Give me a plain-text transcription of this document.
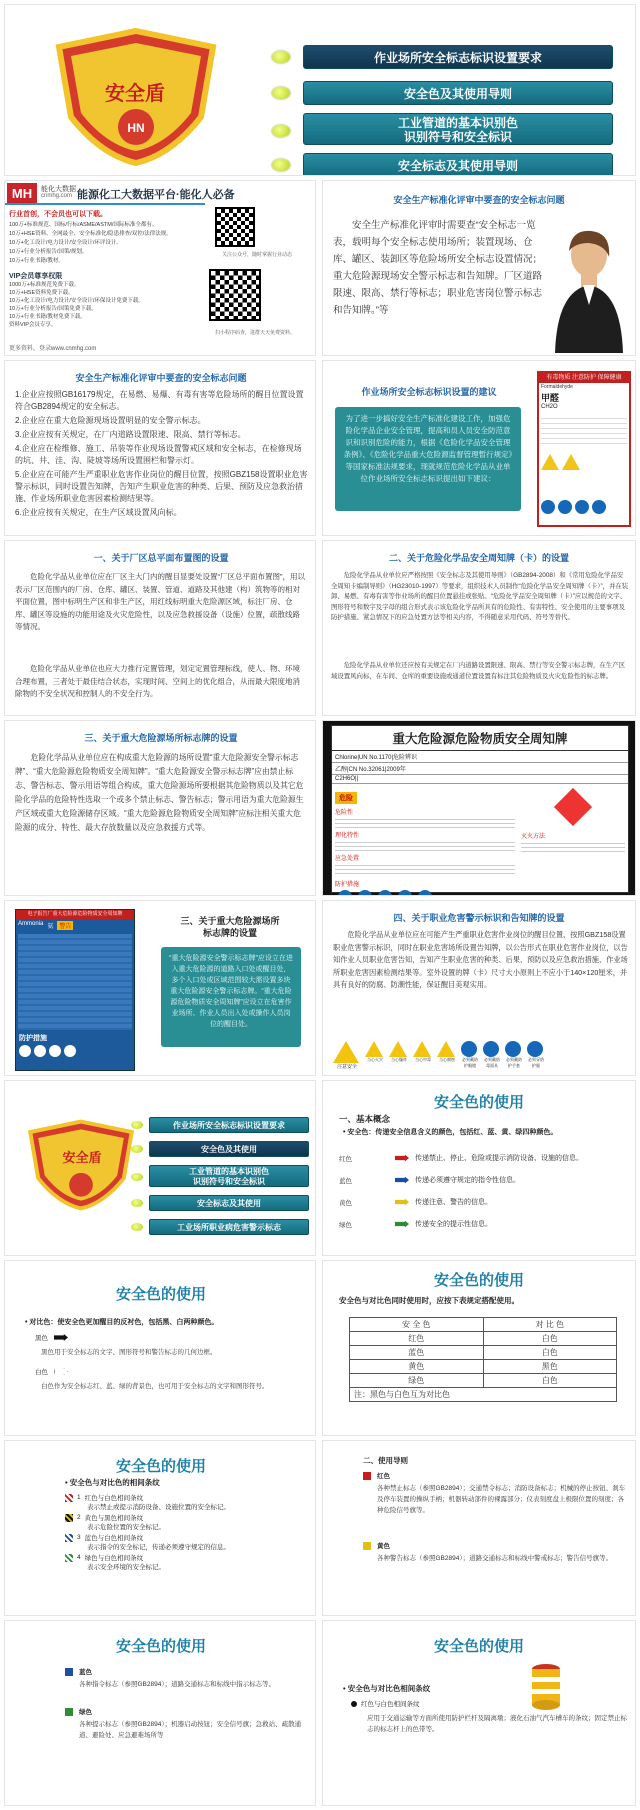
HN
安全盾
作业场所安全标志标识设置要求
安全色及其使用导则
工业管道的基本识别色
识别符号和安全标识
安全标志及其使用导则
MH	能化大数据
cnmhg.com 能源化工大数据平台·能化人必备
行业首创，不会员也可以下载。
100万+标准规范、国标/行标/ASME/ASTM/国际标准全都有。
10万+HSE资料、全网最全、安全标准化/隐患排查/双控/法律法规。
10万+化工设计/电力设计/安全设计/环评设计。
10万+行业分析报告/国策/规划。
10万+行业书籍/教材。
VIP会员尊享权限
1000万+标准规范免费下载。
10万+HSE资料免费下载。
10万+化工设计/电力设计/安全设计/环保设计免费下载。
10万+行业分析报告/国策免费下载。
10万+行业书籍/教材免费下载。
资料VIP会员专享。
更多资料，登录www.cnmhg.com
关注公众号，随时掌握行业动态
扫小程序码查，进群天天免费资料。
安全生产标准化评审中要查的安全标志问题
安全生产标准化评审时需要查“安全标志一览表，载明每个安全标志使用场所；装置现场、仓库、罐区、装卸区等危险场所安全标志设置情况；重大危险源现场安全警示标志和告知牌。厂区道路限速、限高、禁行等标志；职业危害岗位警示标志和告知牌。”等
安全生产标准化评审中要查的安全标志问题
1.企业应按照GB16179规定，在易燃、易爆、有毒有害等危险场所的醒目位置设置符合GB2894规定的安全标志。
2.企业应在重大危险源现场设置明显的安全警示标志。
3.企业应按有关规定，在厂内道路设置限速、限高、禁行等标志。
4.企业应在检维修、施工、吊装等作业现场设置警戒区域和安全标志，在检修现场的坑、井、洼、沟、陡坡等场所设置围栏和警示灯。
5.企业应在可能产生严重职业危害作业岗位的醒目位置，按照GBZ158设置职业危害警示标识，同时设置告知牌，告知产生职业危害的种类、后果、预防及应急救治措施、作业场所职业危害因素检测结果等。
6.企业应按有关规定，在生产区域设置风向标。
作业场所安全标志标识设置的建议
为了进一步搞好安全生产标准化建设工作，加强危险化学品企业安全管理，提高和员人员安全防范意识和识别危险的能力，根据《危险化学品安全管理条例》、《危险化学品重大危险源监督管理暂行规定》等国家标准法规要求，现就规范危险化学品从业单位作业场所安全标志标识提出如下建议：
有毒物质 注意防护 保障健康
Formaldehyde
甲醛
CH2O
一、关于厂区总平面布置图的设置
危险化学品从业单位应在厂区主大门内的醒目显要处设置“厂区总平面布置图”，用以表示厂区范围内的厂房、仓库、罐区、装置、管道、道路及其他建（构）筑物等的相对平面位置，图中标明生产区和非生产区，用红线标明重大危险源区域，标注厂房、仓库、罐区等设施的功能用途及火灾危险性，以及应急救援设备（设施）位置，疏散线路等情况。
危险化学品从业单位也应大力推行定置管理，划定定置管理标线，使人、物、环境合理布置，三者处于最佳结合状态，实现时间、空间上的优化组合，从而最大限度地消除物的不安全状况和控制人的不安全行为。
二、关于危险化学品安全周知牌（卡）的设置
危险化学品从业单位应严格按照《安全标志及其使用导则》（GB2894-2008）和《常用危险化学品安全周知卡编制导则》（HG23010-1997）等要求，组织技术人员制作“危险化学品安全周知牌（卡）”，并在装卸、易燃、有毒有害等作业场所的醒目位置悬挂或张贴。“危险化学品安全周知牌（卡）”应以规范的文字、图形符号和数字及字母的组合形式表示该危险化学品所具有的危险性、有害特性、安全使用的主要事项及防护措施、紧急情况下的应急处置方法等相关内容，不得随意采用代码、符号等替代。
危险化学品从业单位还应按有关规定在厂内道路设置限速、限高、禁行等安全警示标志牌，在生产区域设置风向标，在车间、仓库的重要设施或通道位置设置有标注其危险物质及火灾危险性的标志牌。
三、关于重大危险源场所标志牌的设置
危险化学品从业单位应在构成重大危险源的场所设置“重大危险源安全警示标志牌”、“重大危险源危险物质安全周知牌”。“重大危险源安全警示标志牌”应由禁止标志、警告标志、警示用语等组合构成，重大危险源场所要根据其危险物质以及其它危险化学品的危险特性选取一个或多个禁止标志、警告标志；警示用语为重大危险源生产区域或重大危险源储存区域。“重大危险源危险物质安全周知牌”应标注相关重大危险源的成分、特性、最大存放数量以及应急救援方式等。
重大危险源危险物质安全周知牌
Chlorine|UN No.1170|危险辨识
乙醇|CN No.32061|2009年
C2H6O||
危险
危险性
理化特性
应急处置
灭火方法
防护措施
电子报告厂重大危险源危险物质安全周知牌
Ammonia 氨	警告
防护措施
三、关于重大危险源场所
标志牌的设置
“重大危险源安全警示标志牌”应设立在进入重大危险源的道路入口处或醒目处，多个入口处或区域范围较大需设置多块重大危险源安全警示标志牌。“重大危险源危险物质安全周知牌”应设立在危害作业场所、作业人员出入处或操作人员岗位的醒目处。
四、关于职业危害警示标识和告知牌的设置
危险化学品从业单位应在可能产生严重职业危害作业岗位的醒目位置，按照GBZ158设置职业危害警示标识，同时在职业危害场所设置告知牌，以公告形式在职业危害作业岗位，以告知作业人员职业危害告知，告知产生职业危害的种类、后果、预防以及应急救治措施、作业场所职业危害因素检测结果等。室外设置的牌（卡）尺寸大小原则上不应小于140×120厘米，并具有良好的防腐、防潮性能，保证醒目美观实用。
注意安全
当心火灾	当心爆炸	当心中毒	当心腐蚀	必须戴防护眼镜
必须戴防毒面具
必须戴防护手套
必须穿防护服
安全盾
作业场所安全标志标识设置要求
安全色及其使用
工业管道的基本识别色
识别符号和安全标识
安全标志及其使用
工业场所职业病危害警示标志
安全色的使用
一、基本概念
• 安全色：传递安全信息含义的颜色，包括红、蓝、黄、绿四种颜色。
红色	传递禁止、停止、危险或提示消防设备、设施的信息。
蓝色	传递必须遵守规定的指令性信息。
黄色	传递注意、警告的信息。
绿色	传递安全的提示性信息。
安全色的使用
• 对比色：使安全色更加醒目的反衬色，包括黑、白两种颜色。
黑色
黑色用于安全标志的文字、图形符号和警告标志的几何边框。
白色
白色作为安全标志红、蓝、绿的背景色，也可用于安全标志的文字和图形符号。
安全色的使用
安全色与对比色同时使用时，应按下表规定搭配使用。
安 全 色	对 比 色
红色	白色
蓝色	白色
黄色	黑色
绿色	白色
注：黑色与白色互为对比色	
安全色的使用
• 安全色与对比色的相间条纹
1 红色与白色相间条纹
表示禁止或提示消防设备、设施位置的安全标记。
2 黄色与黑色相间条纹
表示危险位置的安全标记。
3 蓝色与白色相间条纹
表示指令的安全标记，传递必须遵守规定的信息。
4 绿色与白色相间条纹
表示安全环境的安全标记。
二、使用导则
红色
各种禁止标志（参照GB2894）；交通禁令标志；消防设备标志；机械的停止按钮、刹车及停车装置的操纵手柄；机器转动部件的裸露部分；仪表刻度盘上极限位置的刻度；各种危险信号旗等。
黄色
各种警告标志（参照GB2894）；道路交通标志和标线中警戒标志；警告信号旗等。
安全色的使用
蓝色
各种指令标志（参照GB2894）；道路交通标志和标线中指示标志等。
绿色
各种提示标志（参照GB2894）；机器启动按钮；安全信号旗；急救站、疏散通道、避险处、应急避难场所等
安全色的使用
• 安全色与对比色相间条纹
红色与白色相间条纹
应用于交通运输等方面所使用防护栏杆及隔离墩；液化石油气汽车槽车的条纹；固定禁止标志的标志杆上的色带等。
